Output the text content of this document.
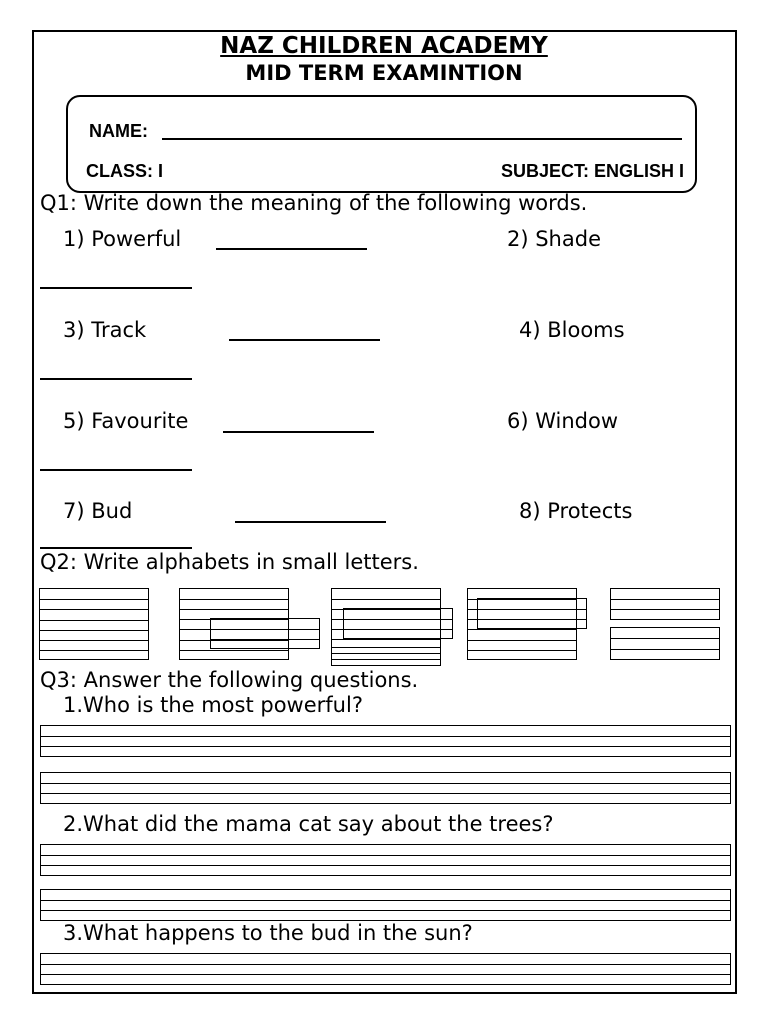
NAZ CHILDREN ACADEMY
MID TERM EXAMINTION
NAME:
CLASS: I	SUBJECT: ENGLISH I
Q1: Write down the meaning of the following words.
1) Powerful	2) Shade
3) Track	4) Blooms
5) Favourite	6) Window
7) Bud	8) Protects
Q2: Write alphabets in small letters.
Q3: Answer the following questions.
1.Who is the most powerful?
2.What did the mama cat say about the trees?
3.What happens to the bud in the sun?
